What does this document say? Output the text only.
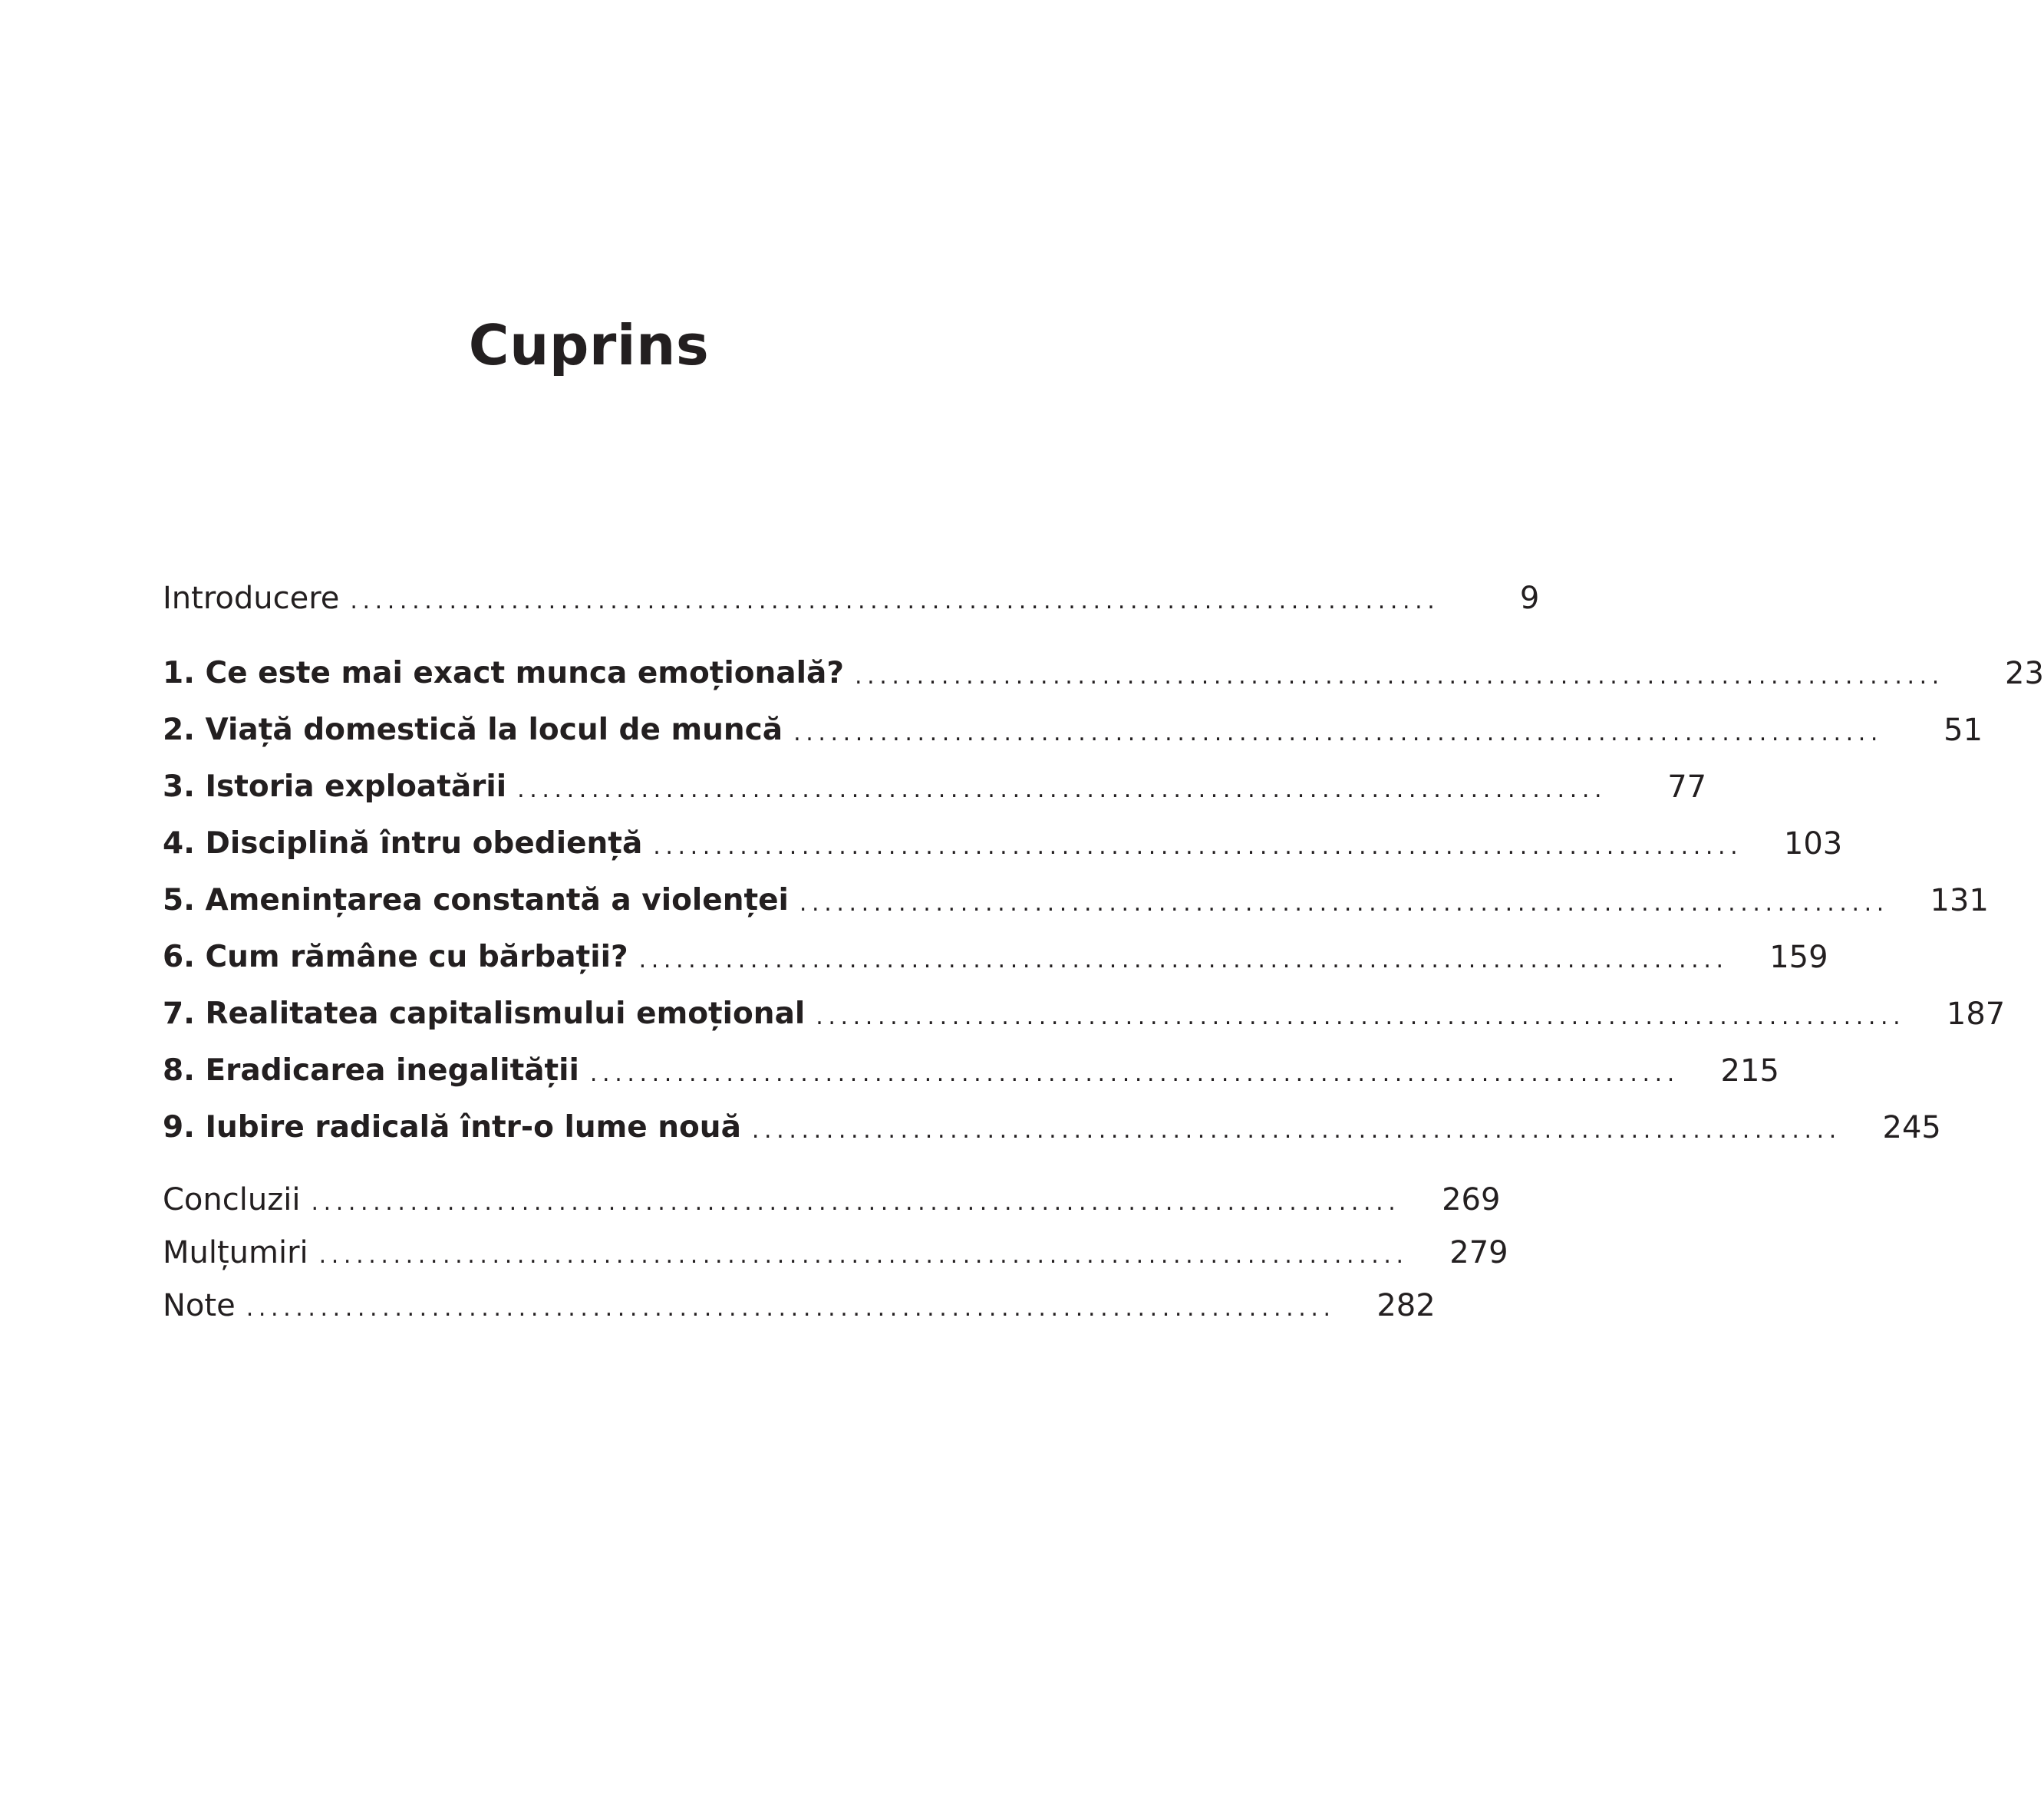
Cuprins
Introducere ........................................................................................	9
1. Ce este mai exact munca emoțională? ........................................................................................	23
2. Viață domestică la locul de muncă ........................................................................................	51
3. Istoria exploatării ........................................................................................	77
4. Disciplină întru obediență ........................................................................................	103
5. Amenințarea constantă a violenței ........................................................................................	131
6. Cum rămâne cu bărbații? ........................................................................................	159
7. Realitatea capitalismului emoțional ........................................................................................	187
8. Eradicarea inegalității ........................................................................................	215
9. Iubire radicală într-o lume nouă ........................................................................................	245
Concluzii ........................................................................................	269
Mulțumiri ........................................................................................	279
Note ........................................................................................	282
